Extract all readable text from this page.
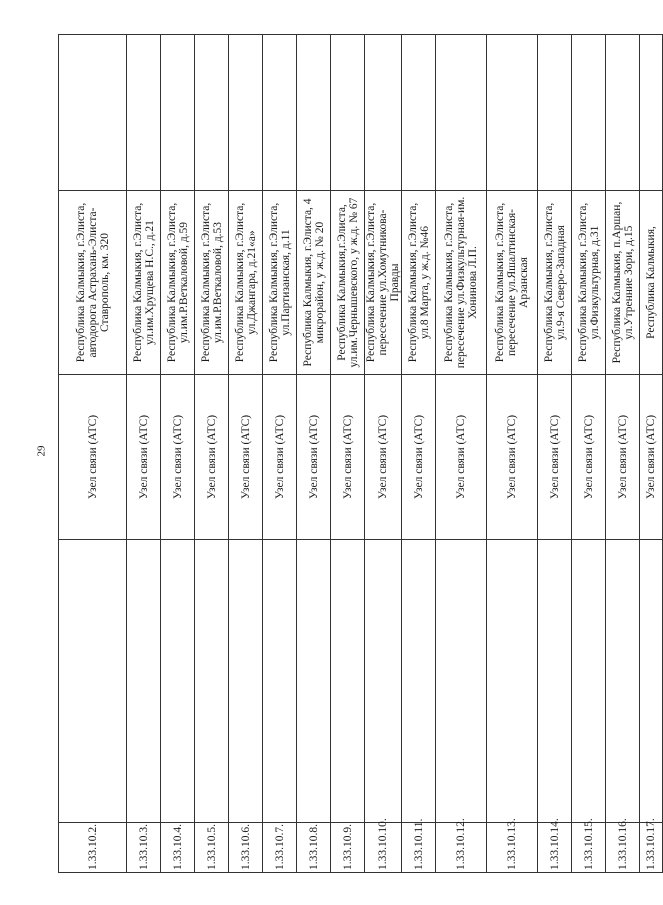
29
1.33.10.2.		Узел связи (АТС)	Республика Калмыкия, г.Элиста, автодорога Астрахань-Элиста-Ставрополь, км. 320	
1.33.10.3.		Узел связи (АТС)	Республика Калмыкия, г.Элиста, ул.им.Хрущева Н.С., д.21	
1.33.10.4.		Узел связи (АТС)	Республика Калмыкия, г.Элиста, ул.им.Р.Веткаловой, д.59	
1.33.10.5.		Узел связи (АТС)	Республика Калмыкия, г.Элиста, ул.им.Р.Веткаловой, д.53	
1.33.10.6.		Узел связи (АТС)	Республика Калмыкия, г.Элиста, ул.Джангара, д.21«а»	
1.33.10.7.		Узел связи (АТС)	Республика Калмыкия, г.Элиста, ул.Партизанская, д.11	
1.33.10.8.		Узел связи (АТС)	Республика Калмыкия, г.Элиста, 4 микрорайон, у ж.д. № 20	
1.33.10.9.		Узел связи (АТС)	Республика Калмыкия,г.Элиста, ул.им.Чернышевского, у ж.д. № 67	
1.33.10.10.		Узел связи (АТС)	Республика Калмыкия, г.Элиста, пересечение ул.Хомутникова-Правды	
1.33.10.11.		Узел связи (АТС)	Республика Калмыкия, г.Элиста, ул.8 Марта, у ж.д. №46	
1.33.10.12.		Узел связи (АТС)	Республика Калмыкия, г.Элиста, пересечение ул.Физкультурная-им. Хонинова Л.П.	
1.33.10.13.		Узел связи (АТС)	Республика Калмыкия, г.Элиста, пересечение ул.Яшалтинская-Арзанская	
1.33.10.14.		Узел связи (АТС)	Республика Калмыкия, г.Элиста, ул.9-я Северо-Западная	
1.33.10.15.		Узел связи (АТС)	Республика Калмыкия, г.Элиста, ул.Физкультурная, д.31	
1.33.10.16.		Узел связи (АТС)	Республика Калмыкия, п.Аршан, ул.Утренние Зори, д.15	
1.33.10.17.		Узел связи (АТС)	Республика Калмыкия,	
